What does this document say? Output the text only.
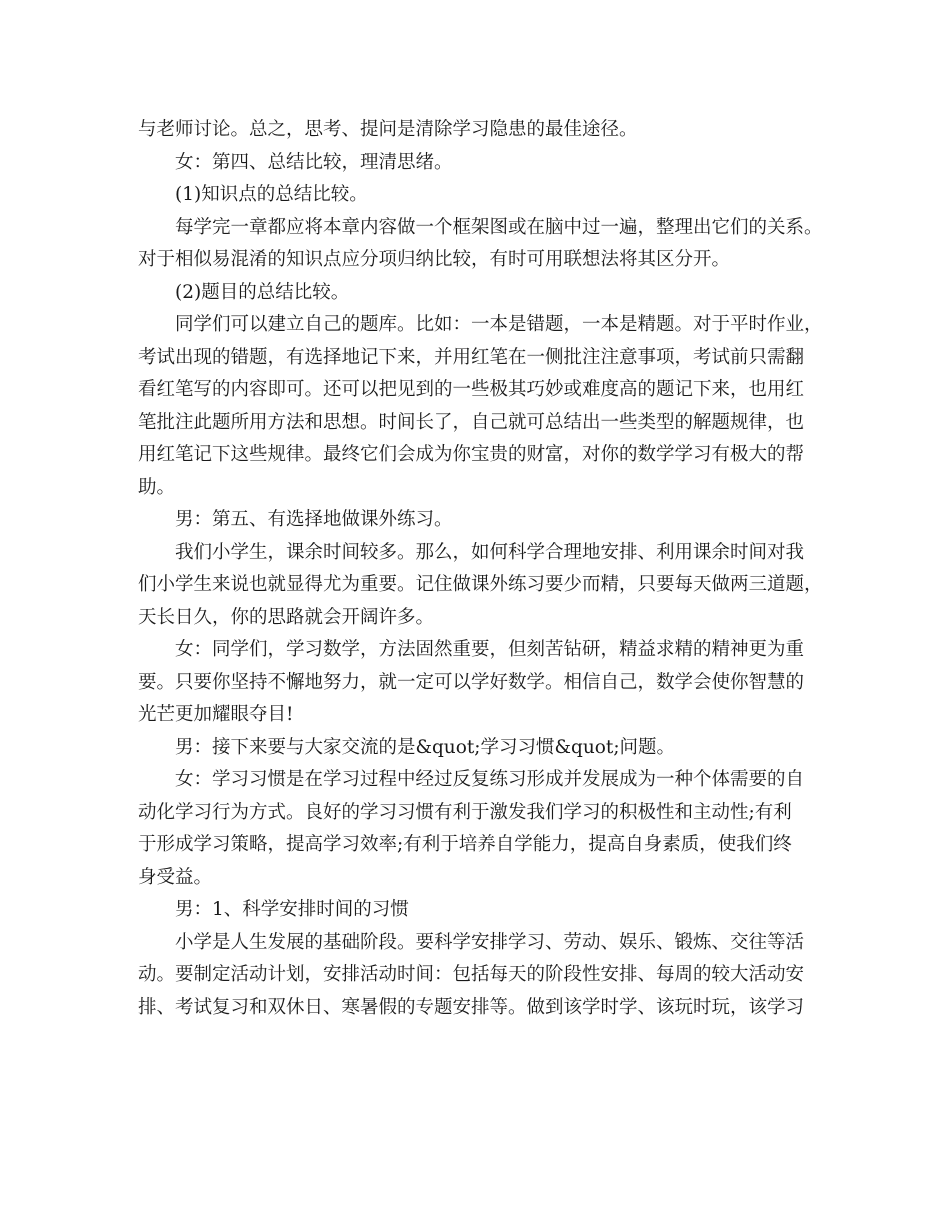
与老师讨论。总之，思考、提问是清除学习隐患的最佳途径。
女：第四、总结比较，理清思绪。
(1)知识点的总结比较。
每学完一章都应将本章内容做一个框架图或在脑中过一遍，整理出它们的关系。
对于相似易混淆的知识点应分项归纳比较，有时可用联想法将其区分开。
(2)题目的总结比较。
同学们可以建立自己的题库。比如：一本是错题，一本是精题。对于平时作业，
考试出现的错题，有选择地记下来，并用红笔在一侧批注注意事项，考试前只需翻
看红笔写的内容即可。还可以把见到的一些极其巧妙或难度高的题记下来，也用红
笔批注此题所用方法和思想。时间长了，自己就可总结出一些类型的解题规律，也
用红笔记下这些规律。最终它们会成为你宝贵的财富，对你的数学学习有极大的帮
助。
男：第五、有选择地做课外练习。
我们小学生，课余时间较多。那么，如何科学合理地安排、利用课余时间对我
们小学生来说也就显得尤为重要。记住做课外练习要少而精，只要每天做两三道题，
天长日久，你的思路就会开阔许多。
女：同学们，学习数学，方法固然重要，但刻苦钻研，精益求精的精神更为重
要。只要你坚持不懈地努力，就一定可以学好数学。相信自己，数学会使你智慧的
光芒更加耀眼夺目!
男：接下来要与大家交流的是&quot;学习习惯&quot;问题。
女：学习习惯是在学习过程中经过反复练习形成并发展成为一种个体需要的自
动化学习行为方式。良好的学习习惯有利于激发我们学习的积极性和主动性;有利
于形成学习策略，提高学习效率;有利于培养自学能力，提高自身素质，使我们终
身受益。
男：1、科学安排时间的习惯
小学是人生发展的基础阶段。要科学安排学习、劳动、娱乐、锻炼、交往等活
动。要制定活动计划，安排活动时间：包括每天的阶段性安排、每周的较大活动安
排、考试复习和双休日、寒暑假的专题安排等。做到该学时学、该玩时玩，该学习
